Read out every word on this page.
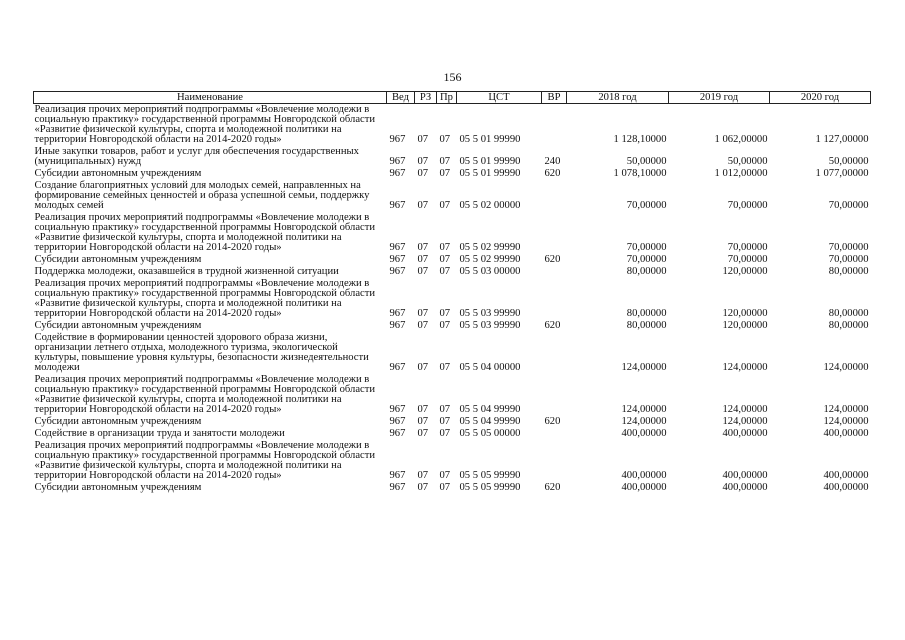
156
Наименование	Вед	РЗ	Пр	ЦСТ	ВР	2018 год	2019 год	2020 год
Реализация прочих мероприятий подпрограммы «Вовлечение молодежи в социальную практику» государственной программы Новгородской области «Развитие физической культуры, спорта и молодежной политики на территории Новгородской области на 2014-2020 годы»	967	07	07	05 5 01 99990		1 128,10000	1 062,00000	1 127,00000
Иные закупки товаров, работ и услуг для обеспечения государственных (муниципальных) нужд	967	07	07	05 5 01 99990	240	50,00000	50,00000	50,00000
Субсидии автономным учреждениям	967	07	07	05 5 01 99990	620	1 078,10000	1 012,00000	1 077,00000
Создание благоприятных условий для молодых семей, направленных на формирование семейных ценностей и образа успешной семьи, поддержку молодых семей	967	07	07	05 5 02 00000		70,00000	70,00000	70,00000
Реализация прочих мероприятий подпрограммы «Вовлечение молодежи в социальную практику» государственной программы Новгородской области «Развитие физической культуры, спорта и молодежной политики на территории Новгородской области на 2014-2020 годы»	967	07	07	05 5 02 99990		70,00000	70,00000	70,00000
Субсидии автономным учреждениям	967	07	07	05 5 02 99990	620	70,00000	70,00000	70,00000
Поддержка молодежи, оказавшейся в трудной жизненной ситуации	967	07	07	05 5 03 00000		80,00000	120,00000	80,00000
Реализация прочих мероприятий подпрограммы «Вовлечение молодежи в социальную практику» государственной программы Новгородской области «Развитие физической культуры, спорта и молодежной политики на территории Новгородской области на 2014-2020 годы»	967	07	07	05 5 03 99990		80,00000	120,00000	80,00000
Субсидии автономным учреждениям	967	07	07	05 5 03 99990	620	80,00000	120,00000	80,00000
Содействие в формировании ценностей здорового образа жизни, организации летнего отдыха, молодежного туризма, экологической культуры, повышение уровня культуры, безопасности жизнедеятельности молодежи	967	07	07	05 5 04 00000		124,00000	124,00000	124,00000
Реализация прочих мероприятий подпрограммы «Вовлечение молодежи в социальную практику» государственной программы Новгородской области «Развитие физической культуры, спорта и молодежной политики на территории Новгородской области на 2014-2020 годы»	967	07	07	05 5 04 99990		124,00000	124,00000	124,00000
Субсидии автономным учреждениям	967	07	07	05 5 04 99990	620	124,00000	124,00000	124,00000
Содействие в организации труда и занятости молодежи	967	07	07	05 5 05 00000		400,00000	400,00000	400,00000
Реализация прочих мероприятий подпрограммы «Вовлечение молодежи в социальную практику» государственной программы Новгородской области «Развитие физической культуры, спорта и молодежной политики на территории Новгородской области на 2014-2020 годы»	967	07	07	05 5 05 99990		400,00000	400,00000	400,00000
Субсидии автономным учреждениям	967	07	07	05 5 05 99990	620	400,00000	400,00000	400,00000
